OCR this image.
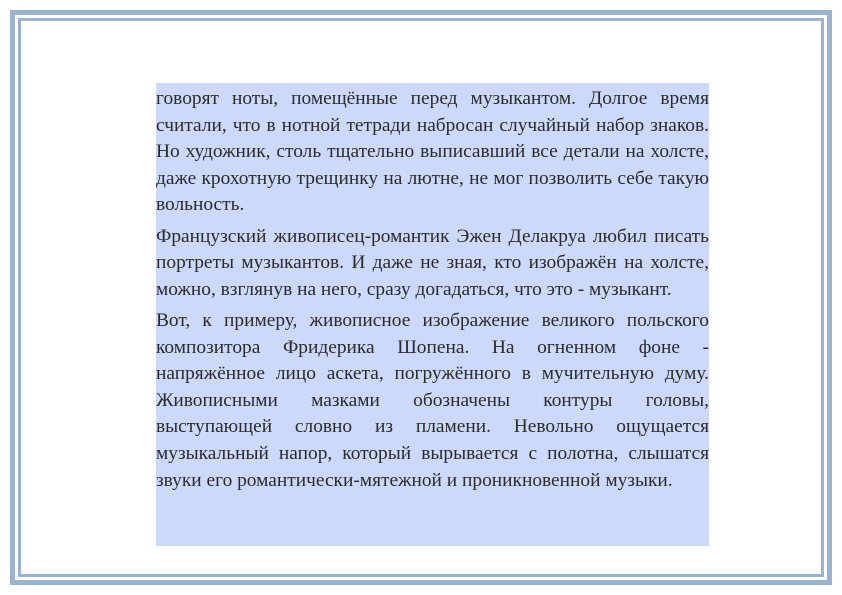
говорят ноты, помещённые перед музыкантом. Долгое время считали, что в нотной тетради набросан случайный набор знаков. Но художник, столь тщательно выписавший все детали на холсте, даже крохотную трещинку на лютне, не мог позволить себе такую вольность.

Французский живописец-романтик Эжен Делакруа любил писать портреты музыкантов. И даже не зная, кто изображён на холсте, можно, взглянув на него, сразу догадаться, что это - музыкант.

Вот, к примеру, живописное изображение великого польского композитора Фридерика Шопена. На огненном фоне - напряжённое лицо аскета, погружённого в мучительную думу. Живописными мазками обозначены контуры головы, выступающей словно из пламени. Невольно ощущается музыкальный напор, который вырывается с полотна, слышатся звуки его романтически-мятежной и проникновенной музыки.
